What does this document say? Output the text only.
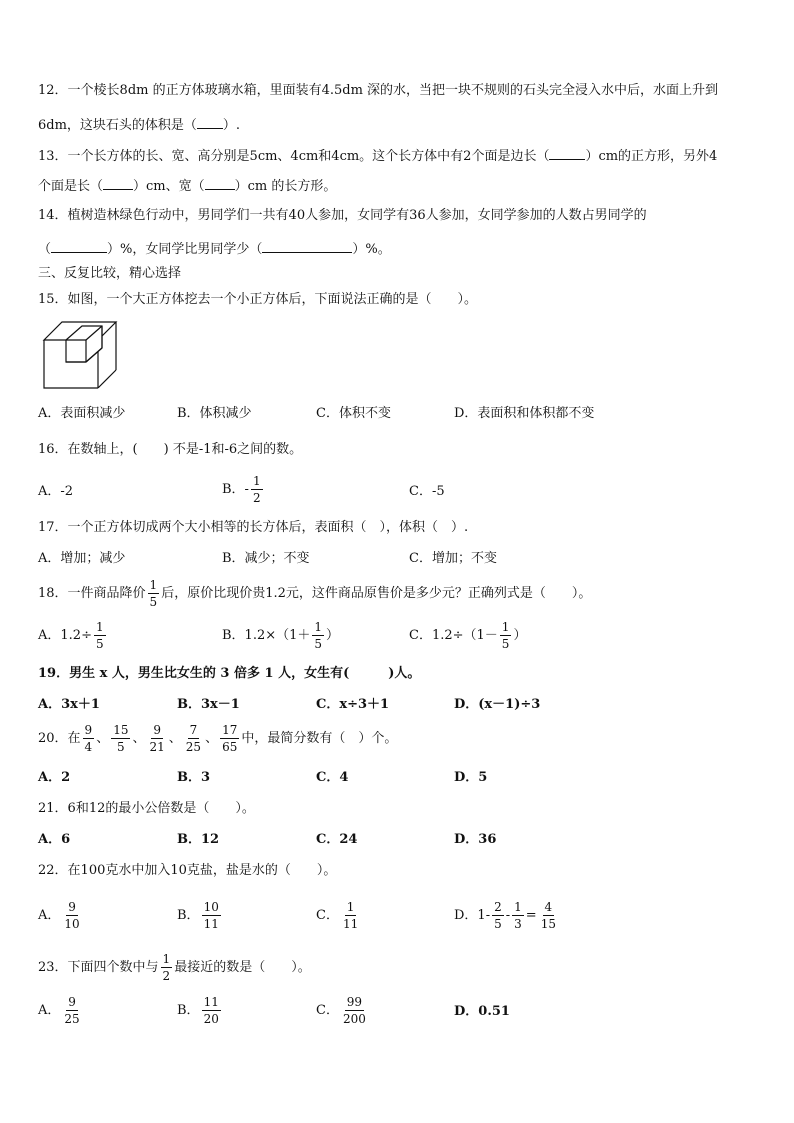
12．一个棱长8dm 的正方体玻璃水箱，里面装有4.5dm 深的水，当把一块不规则的石头完全浸入水中后，水面上升到
6dm，这块石头的体积是（ ）.
13．一个长方体的长、宽、高分别是5cm、4cm和4cm。这个长方体中有2个面是边长（	）cm的正方形，另外4
个面是长（ ）cm、宽（ ）cm 的长方形。
14．植树造林绿色行动中，男同学们一共有40人参加，女同学有36人参加，女同学参加的人数占男同学的
（	）%，女同学比男同学少（	）%。
三、反复比较，精心选择
15．如图，一个大正方体挖去一个小正方体后，下面说法正确的是（　　）。
A．表面积减少	B．体积减少	C．体积不变	D．表面积和体积都不变
16．在数轴上，(　　) 不是-1和-6之间的数。
A．-2	B．- $\frac{1}{2}$	C．-5
17．一个正方体切成两个大小相等的长方体后，表面积（　），体积（　）.
A．增加；减少	B．减少；不变	C．增加；不变
18．一件商品降价 $\frac{1}{5}$ 后，原价比现价贵1.2元，这件商品原售价是多少元？正确列式是（　　）。
A．$1.2\div \frac{1}{5}$	B．$1.2\times(1+ \frac{1}{5}$ ）	C．$1.2\div(1- \frac{1}{5}$ ）
19．男生 x 人，男生比女生的 3 倍多 1 人，女生有(　　　)人。
A．3x＋1	B．3x－1	C．x÷3＋1	D．(x－1)÷3
20．在 $\frac{9}{4}$ 、 $\frac{15}{5}$ 、 $\frac{9}{21}$ 、 $\frac{7}{25}$ 、 $\frac{17}{65}$ 中，最简分数有（　）个。
A．2	B．3	C．4	D．5
21．6和12的最小公倍数是（　　）。
A．6	B．12	C．24	D．36
22．在100克水中加入10克盐，盐是水的（　　）。
A． $\frac{9}{10}$	B． $\frac{10}{11}$	C． $\frac{1}{11}$	D．$1- \frac{2}{5} - \frac{1}{3} = \frac{4}{15}$
23．下面四个数中与 $\frac{1}{2}$ 最接近的数是（　　）。
A． $\frac{9}{25}$	B． $\frac{11}{20}$	C． $\frac{99}{200}$	D．0.51
